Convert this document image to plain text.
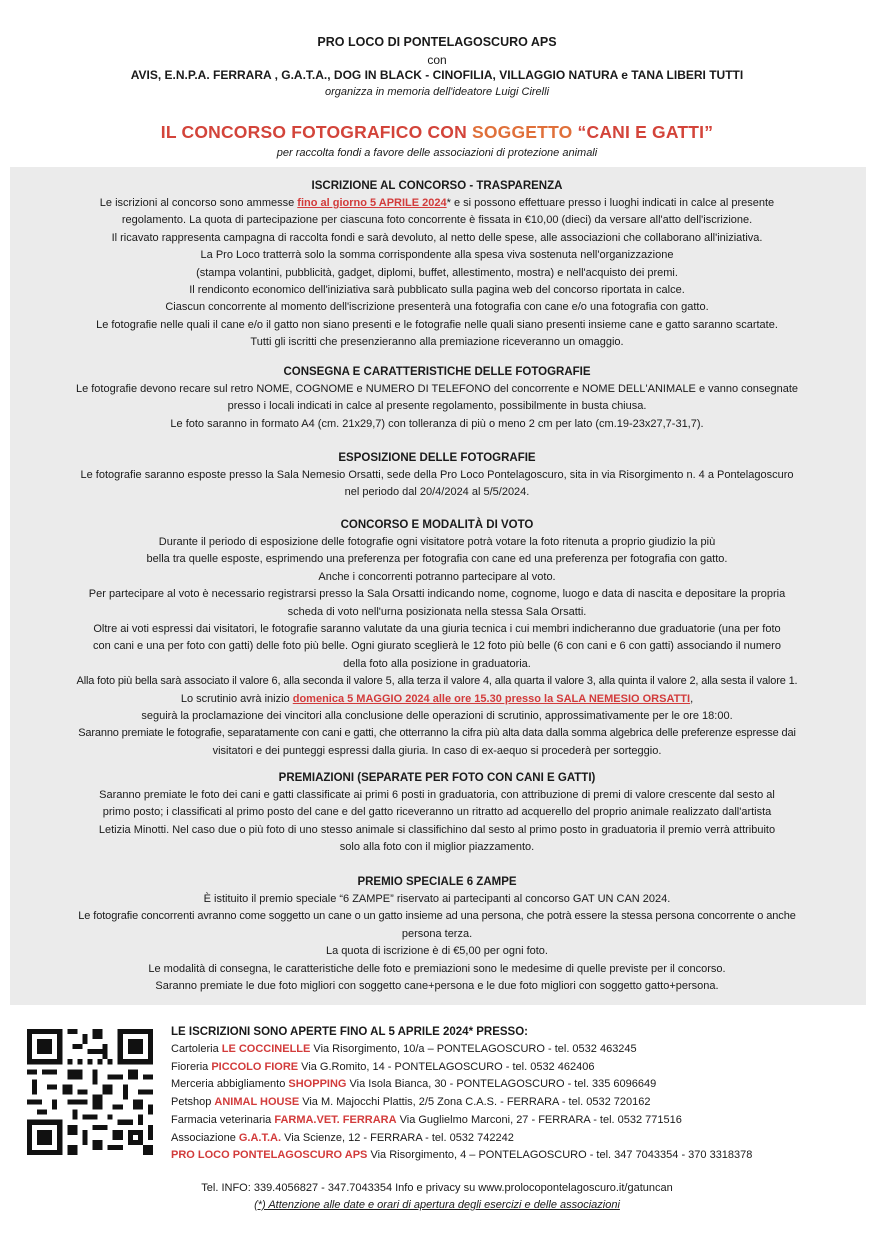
PRO LOCO DI PONTELAGOSCURO APS
con
AVIS, E.N.P.A. FERRARA , G.A.T.A., DOG IN BLACK - CINOFILIA, VILLAGGIO NATURA e TANA LIBERI TUTTI
organizza in memoria dell'ideatore Luigi Cirelli
IL CONCORSO FOTOGRAFICO CON SOGGETTO “CANI E GATTI”
per raccolta fondi a favore delle associazioni di protezione animali
ISCRIZIONE AL CONCORSO - TRASPARENZA
Le iscrizioni al concorso sono ammesse fino al giorno 5 APRILE 2024* e si possono effettuare presso i luoghi indicati in calce al presente
regolamento. La quota di partecipazione per ciascuna foto concorrente è fissata in €10,00 (dieci) da versare all'atto dell'iscrizione.
Il ricavato rappresenta campagna di raccolta fondi e sarà devoluto, al netto delle spese, alle associazioni che collaborano all'iniziativa.
La Pro Loco tratterrà solo la somma corrispondente alla spesa viva sostenuta nell'organizzazione
(stampa volantini, pubblicità, gadget, diplomi, buffet, allestimento, mostra) e nell'acquisto dei premi.
Il rendiconto economico dell'iniziativa sarà pubblicato sulla pagina web del concorso riportata in calce.
Ciascun concorrente al momento dell'iscrizione presenterà una fotografia con cane e/o una fotografia con gatto.
Le fotografie nelle quali il cane e/o il gatto non siano presenti e le fotografie nelle quali siano presenti insieme cane e gatto saranno scartate.
Tutti gli iscritti che presenzieranno alla premiazione riceveranno un omaggio.
CONSEGNA E CARATTERISTICHE DELLE FOTOGRAFIE
Le fotografie devono recare sul retro NOME, COGNOME e NUMERO DI TELEFONO del concorrente e NOME DELL'ANIMALE e vanno consegnate
presso i locali indicati in calce al presente regolamento, possibilmente in busta chiusa.
Le foto saranno in formato A4 (cm. 21x29,7) con tolleranza di più o meno 2 cm per lato (cm.19-23x27,7-31,7).
ESPOSIZIONE DELLE FOTOGRAFIE
Le fotografie saranno esposte presso la Sala Nemesio Orsatti, sede della Pro Loco Pontelagoscuro, sita in via Risorgimento n. 4 a Pontelagoscuro
nel periodo dal 20/4/2024 al 5/5/2024.
CONCORSO E MODALITÀ DI VOTO
Durante il periodo di esposizione delle fotografie ogni visitatore potrà votare la foto ritenuta a proprio giudizio la più
bella tra quelle esposte, esprimendo una preferenza per fotografia con cane ed una preferenza per fotografia con gatto.
Anche i concorrenti potranno partecipare al voto.
Per partecipare al voto è necessario registrarsi presso la Sala Orsatti indicando nome, cognome, luogo e data di nascita e depositare la propria
scheda di voto nell'urna posizionata nella stessa Sala Orsatti.
Oltre ai voti espressi dai visitatori, le fotografie saranno valutate da una giuria tecnica i cui membri indicheranno due graduatorie (una per foto
con cani e una per foto con gatti) delle foto più belle. Ogni giurato sceglierà le 12 foto più belle (6 con cani e 6 con gatti) associando il numero
della foto alla posizione in graduatoria.
Alla foto più bella sarà associato il valore 6, alla seconda il valore 5, alla terza il valore 4, alla quarta il valore 3, alla quinta il valore 2, alla sesta il valore 1.
Lo scrutinio avrà inizio domenica 5 MAGGIO 2024 alle ore 15.30 presso la SALA NEMESIO ORSATTI,
seguirà la proclamazione dei vincitori alla conclusione delle operazioni di scrutinio, approssimativamente per le ore 18:00.
Saranno premiate le fotografie, separatamente con cani e gatti, che otterranno la cifra più alta data dalla somma algebrica delle preferenze espresse dai
visitatori e dei punteggi espressi dalla giuria. In caso di ex-aequo si procederà per sorteggio.
PREMIAZIONI (SEPARATE PER FOTO CON CANI E GATTI)
Saranno premiate le foto dei cani e gatti classificate ai primi 6 posti in graduatoria, con attribuzione di premi di valore crescente dal sesto al
primo posto; i classificati al primo posto del cane e del gatto riceveranno un ritratto ad acquerello del proprio animale realizzato dall'artista
Letizia Minotti. Nel caso due o più foto di uno stesso animale si classifichino dal sesto al primo posto in graduatoria il premio verrà attribuito
solo alla foto con il miglior piazzamento.
PREMIO SPECIALE 6 ZAMPE
È istituito il premio speciale “6 ZAMPE” riservato ai partecipanti al concorso GAT UN CAN 2024.
Le fotografie concorrenti avranno come soggetto un cane o un gatto insieme ad una persona, che potrà essere la stessa persona concorrente o anche
persona terza.
La quota di iscrizione è di €5,00 per ogni foto.
Le modalità di consegna, le caratteristiche delle foto e premiazioni sono le medesime di quelle previste per il concorso.
Saranno premiate le due foto migliori con soggetto cane+persona e le due foto migliori con soggetto gatto+persona.
LE ISCRIZIONI SONO APERTE FINO AL 5 APRILE 2024* PRESSO:
Cartoleria LE COCCINELLE Via Risorgimento, 10/a – PONTELAGOSCURO - tel. 0532 463245
Fioreria PICCOLO FIORE Via G.Romito, 14 - PONTELAGOSCURO - tel. 0532 462406
Merceria abbigliamento SHOPPING Via Isola Bianca, 30 - PONTELAGOSCURO - tel. 335 6096649
Petshop ANIMAL HOUSE Via M. Majocchi Plattis, 2/5 Zona C.A.S. - FERRARA - tel. 0532 720162
Farmacia veterinaria FARMA.VET. FERRARA Via Guglielmo Marconi, 27 - FERRARA - tel. 0532 771516
Associazione G.A.T.A. Via Scienze, 12 - FERRARA - tel. 0532 742242
PRO LOCO PONTELAGOSCURO APS Via Risorgimento, 4 – PONTELAGOSCURO - tel. 347 7043354 - 370 3318378
Tel. INFO: 339.4056827 - 347.7043354 Info e privacy su www.prolocopontelagoscuro.it/gatuncan
(*) Attenzione alle date e orari di apertura degli esercizi e delle associazioni
